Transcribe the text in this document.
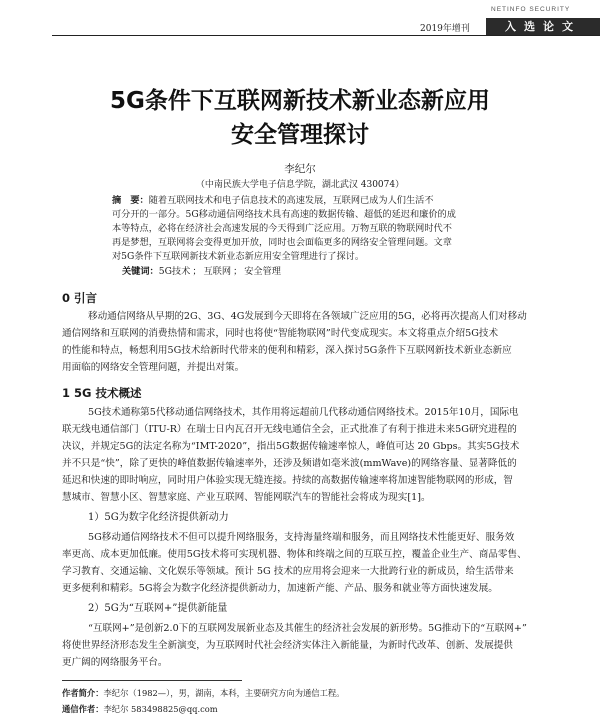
2019年增刊
NETINFO SECURITY
入选论文
5G条件下互联网新技术新业态新应用
安全管理探讨
李纪尔
（中南民族大学电子信息学院，湖北武汉 430074）
摘　要：随着互联网技术和电子信息技术的高速发展，互联网已成为人们生活不
可分开的一部分。5G移动通信网络技术具有高速的数据传输、超低的延迟和廉价的成
本等特点，必将在经济社会高速发展的今天得到广泛应用。万物互联的物联网时代不
再是梦想，互联网将会变得更加开放，同时也会面临更多的网络安全管理问题。文章
对5G条件下互联网新技术新业态新应用安全管理进行了探讨。
关键词：5G技术 ； 互联网 ； 安全管理
0 引言
移动通信网络从早期的2G、3G、4G发展到今天即将在各领域广泛应用的5G，必将再次提高人们对移动
通信网络和互联网的消费热情和需求，同时也将使“智能物联网”时代变成现实。本文将重点介绍5G技术
的性能和特点，畅想利用5G技术给新时代带来的便利和精彩，深入探讨5G条件下互联网新技术新业态新应
用面临的网络安全管理问题，并提出对策。
1 5G 技术概述
5G技术通称第5代移动通信网络技术，其作用将远超前几代移动通信网络技术。2015年10月，国际电
联无线电通信部门（ITU-R）在瑞士日内瓦召开无线电通信全会，正式批准了有利于推进未来5G研究进程的
决议，并规定5G的法定名称为“IMT-2020”，指出5G数据传输速率惊人，峰值可达 20 Gbps。其实5G技术
并不只是“快”，除了更快的峰值数据传输速率外，还涉及频谱如毫米波(mmWave)的网络容量、显著降低的
延迟和快速的即时响应，同时用户体验实现无缝连接。持续的高数据传输速率将加速智能物联网的形成，智
慧城市、智慧小区、智慧家庭、产业互联网、智能网联汽车的智能社会将成为现实[1]。
1）5G为数字化经济提供新动力
5G移动通信网络技术不但可以提升网络服务，支持海量终端和服务，而且网络技术性能更好、服务效
率更高、成本更加低廉。使用5G技术将可实现机器、物体和终端之间的互联互控，覆盖企业生产、商品零售、
学习教育、交通运输、文化娱乐等领域。预计 5G 技术的应用将会迎来一大批跨行业的新成员，给生活带来
更多便利和精彩。5G将会为数字化经济提供新动力，加速新产能、产品、服务和就业等方面快速发展。
2）5G为“互联网+”提供新能量
“互联网+”是创新2.0下的互联网发展新业态及其催生的经济社会发展的新形势。5G推动下的“互联网+”
将使世界经济形态发生全新演变，为互联网时代社会经济实体注入新能量，为新时代改革、创新、发展提供
更广阔的网络服务平台。
作者简介：李纪尔（1982—），男，湖南，本科，主要研究方向为通信工程。
通信作者：李纪尔 583498825@qq.com
